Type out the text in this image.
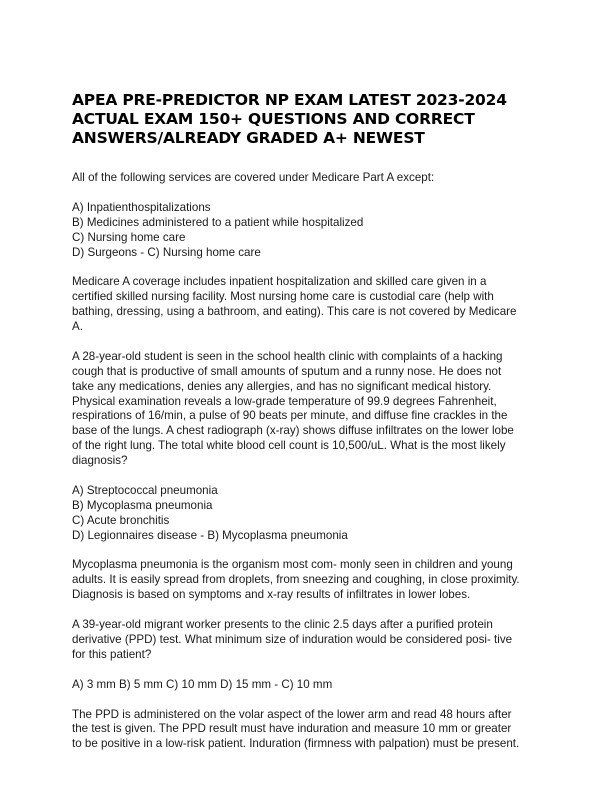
APEA PRE-PREDICTOR NP EXAM LATEST 2023-2024
ACTUAL EXAM 150+ QUESTIONS AND CORRECT
ANSWERS/ALREADY GRADED A+ NEWEST

All of the following services are covered under Medicare Part A except:

A) Inpatienthospitalizations
B) Medicines administered to a patient while hospitalized
C) Nursing home care
D) Surgeons - C) Nursing home care

Medicare A coverage includes inpatient hospitalization and skilled care given in a
certified skilled nursing facility. Most nursing home care is custodial care (help with
bathing, dressing, using a bathroom, and eating). This care is not covered by Medicare
A.

A 28-year-old student is seen in the school health clinic with complaints of a hacking
cough that is productive of small amounts of sputum and a runny nose. He does not
take any medications, denies any allergies, and has no significant medical history.
Physical examination reveals a low-grade temperature of 99.9 degrees Fahrenheit,
respirations of 16/min, a pulse of 90 beats per minute, and diffuse fine crackles in the
base of the lungs. A chest radiograph (x-ray) shows diffuse infiltrates on the lower lobe
of the right lung. The total white blood cell count is 10,500/uL. What is the most likely
diagnosis?

A) Streptococcal pneumonia
B) Mycoplasma pneumonia
C) Acute bronchitis
D) Legionnaires disease - B) Mycoplasma pneumonia

Mycoplasma pneumonia is the organism most com- monly seen in children and young
adults. It is easily spread from droplets, from sneezing and coughing, in close proximity.
Diagnosis is based on symptoms and x-ray results of infiltrates in lower lobes.

A 39-year-old migrant worker presents to the clinic 2.5 days after a purified protein
derivative (PPD) test. What minimum size of induration would be considered posi- tive
for this patient?

A) 3 mm B) 5 mm C) 10 mm D) 15 mm - C) 10 mm

The PPD is administered on the volar aspect of the lower arm and read 48 hours after
the test is given. The PPD result must have induration and measure 10 mm or greater
to be positive in a low-risk patient. Induration (firmness with palpation) must be present.
